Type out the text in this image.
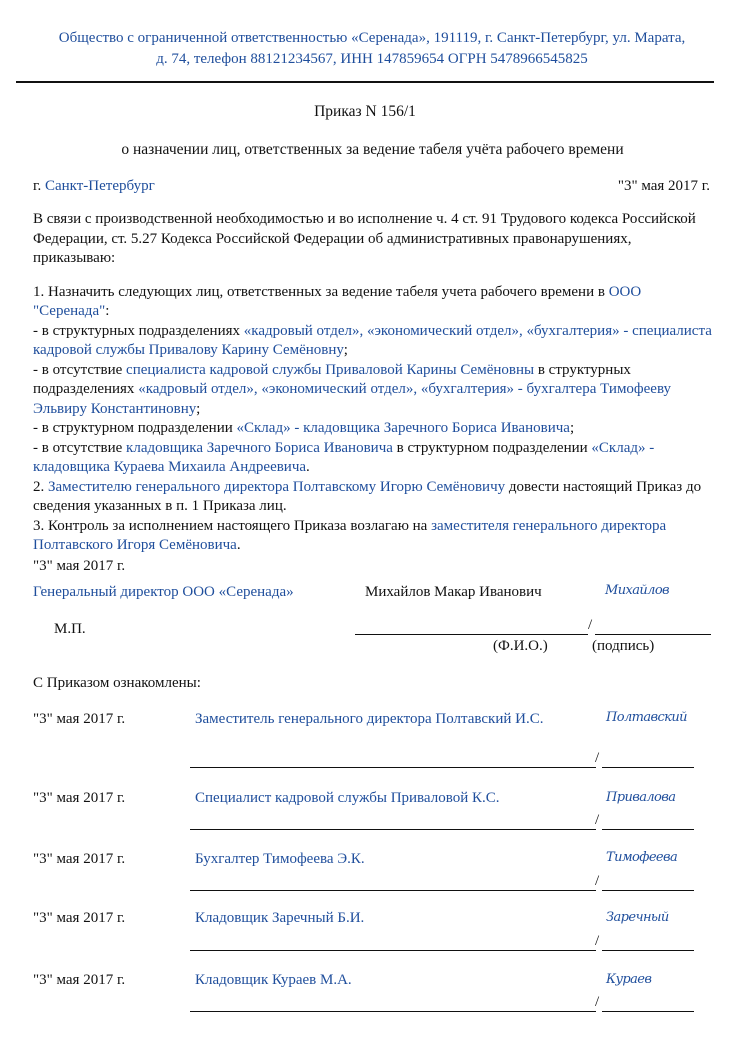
Общество с ограниченной ответственностью «Серенада», 191119, г. Санкт-Петербург, ул. Марата,
д. 74, телефон 88121234567, ИНН 147859654 ОГРН 5478966545825
Приказ N 156/1
о назначении лиц, ответственных за ведение табеля учёта рабочего времени
г. Санкт-Петербург	"3" мая 2017 г.

В связи с производственной необходимостью и во исполнение ч. 4 ст. 91 Трудового кодекса Российской Федерации, ст. 5.27 Кодекса Российской Федерации об административных правонарушениях, приказываю:

1. Назначить следующих лиц, ответственных за ведение табеля учета рабочего времени в ООО "Серенада":

- в структурных подразделениях «кадровый отдел», «экономический отдел», «бухгалтерия» - специалиста кадровой службы Привалову Карину Семёновну;

- в отсутствие специалиста кадровой службы Приваловой Карины Семёновны в структурных подразделениях «кадровый отдел», «экономический отдел», «бухгалтерия» - бухгалтера Тимофееву Эльвиру Константиновну;

- в структурном подразделении «Склад» - кладовщика Заречного Бориса Ивановича;

- в отсутствие кладовщика Заречного Бориса Ивановича в структурном подразделении «Склад» - кладовщика Кураева Михаила Андреевича.

2. Заместителю генерального директора Полтавскому Игорю Семёновичу довести настоящий Приказ до сведения указанных в п. 1 Приказа лиц.

3. Контроль за исполнением настоящего Приказа возлагаю на заместителя генерального директора Полтавского Игоря Семёновича.

"3" мая 2017 г.
Генеральный директор ООО «Серенада»	Михайлов Макар Иванович	Михайлов
М.П.	/
(Ф.И.О.)	(подпись)
С Приказом ознакомлены:
"3" мая 2017 г.	Заместитель генерального директора Полтавский И.С.	Полтавский
/
"3" мая 2017 г.	Специалист кадровой службы Приваловой К.С.	Привалова
/
"3" мая 2017 г.	Бухгалтер Тимофеева Э.К.	Тимофеева
/
"3" мая 2017 г.	Кладовщик Заречный Б.И.	Заречный
/
"3" мая 2017 г.	Кладовщик Кураев М.А.	Кураев
/
